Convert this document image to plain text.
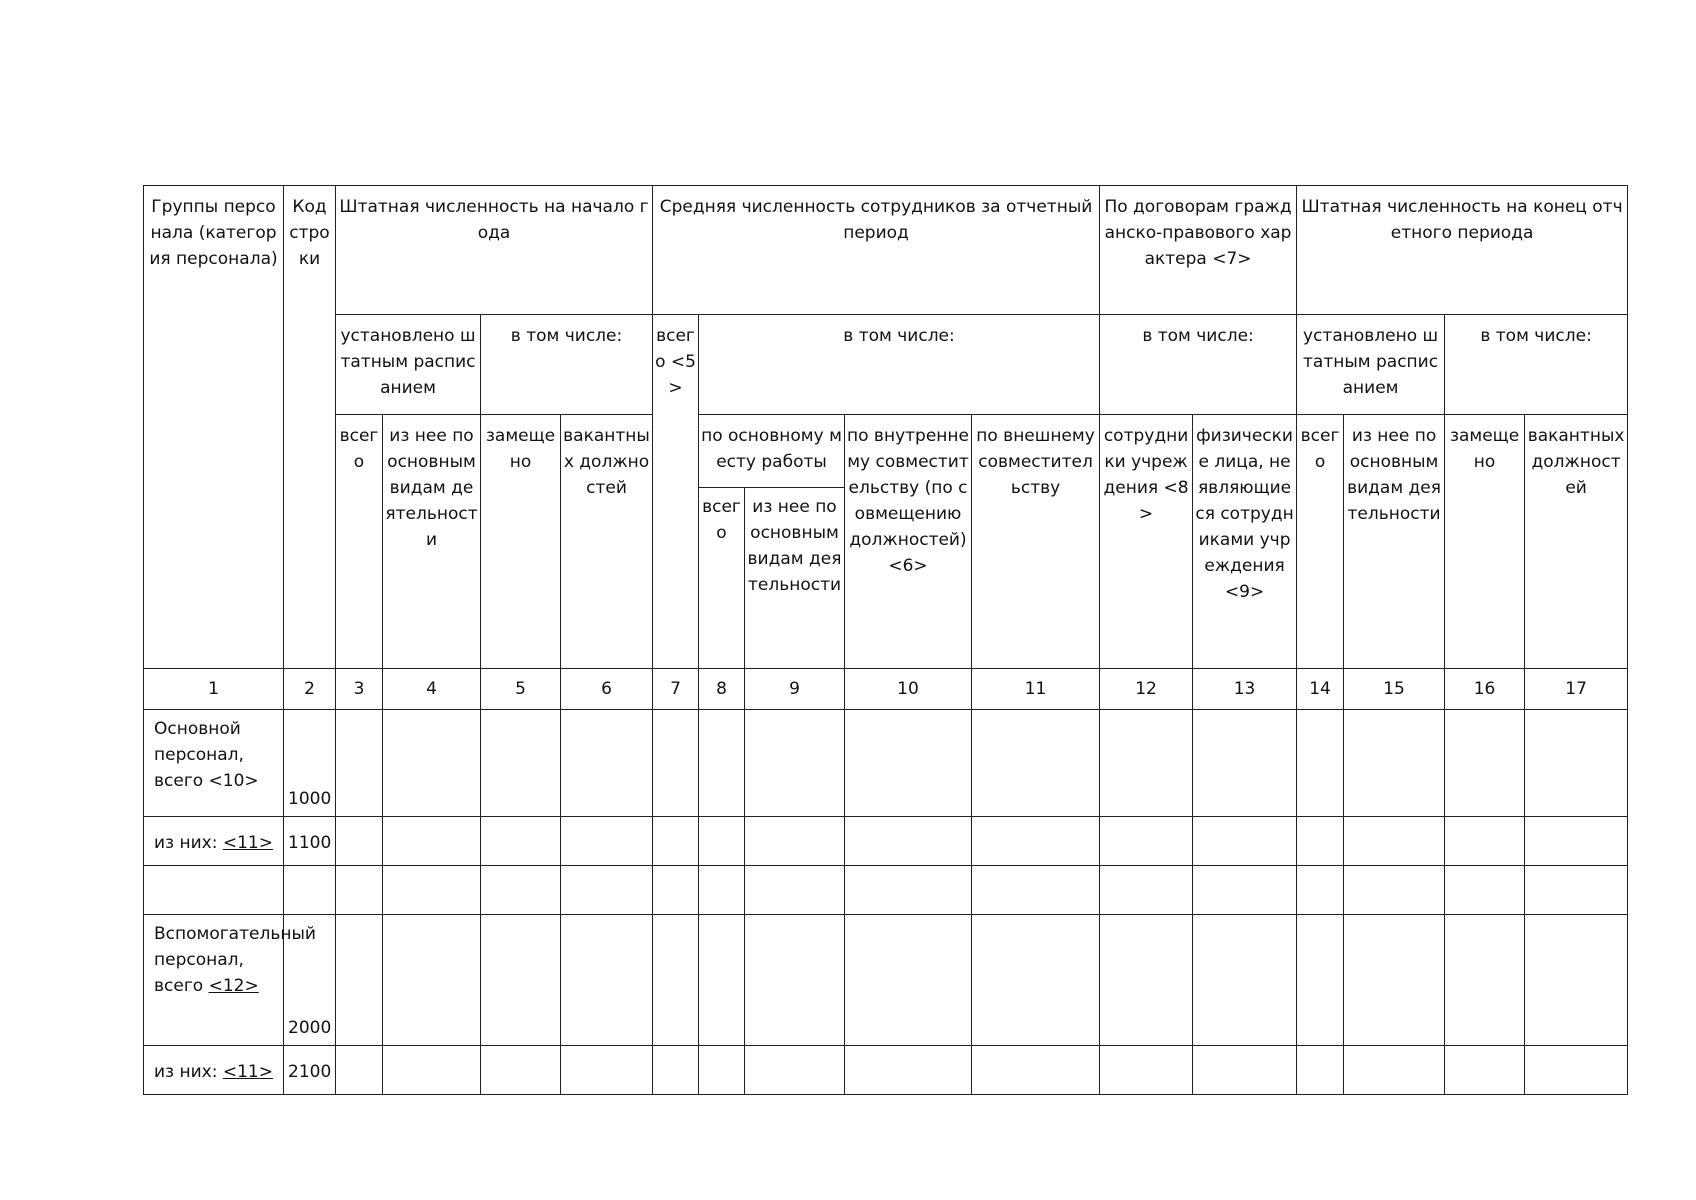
Группы персонала (категория персонала)	Код строки	Штатная численность на начало года				Средняя численность сотрудников за отчетный период					По договорам гражданско-правового характера <7>		Штатная численность на конец отчетного периода			
		установлено штатным расписанием		в том числе:		всего <5>	в том числе:				в том числе:		установлено штатным расписанием		в том числе:	
		всего	из нее по основным видам деятельности	замещено	вакантных должностей		по основному месту работы		по внутреннему совместительству (по совмещению должностей) <6>	по внешнему совместительству	сотрудники учреждения <8>	физические лица, не являющиеся сотрудниками учреждения <9>	всего	из нее по основным видам деятельности	замещено	вакантных должностей
							всего	из нее по основным видам деятельности								
1	2	3	4	5	6	7	8	9	10	11	12	13	14	15	16	17
Основной персонал, всего <10>	1000															
из них: <11>	1100															

Вспомогательный персонал, всего <12>	2000															
из них: <11>	2100															
